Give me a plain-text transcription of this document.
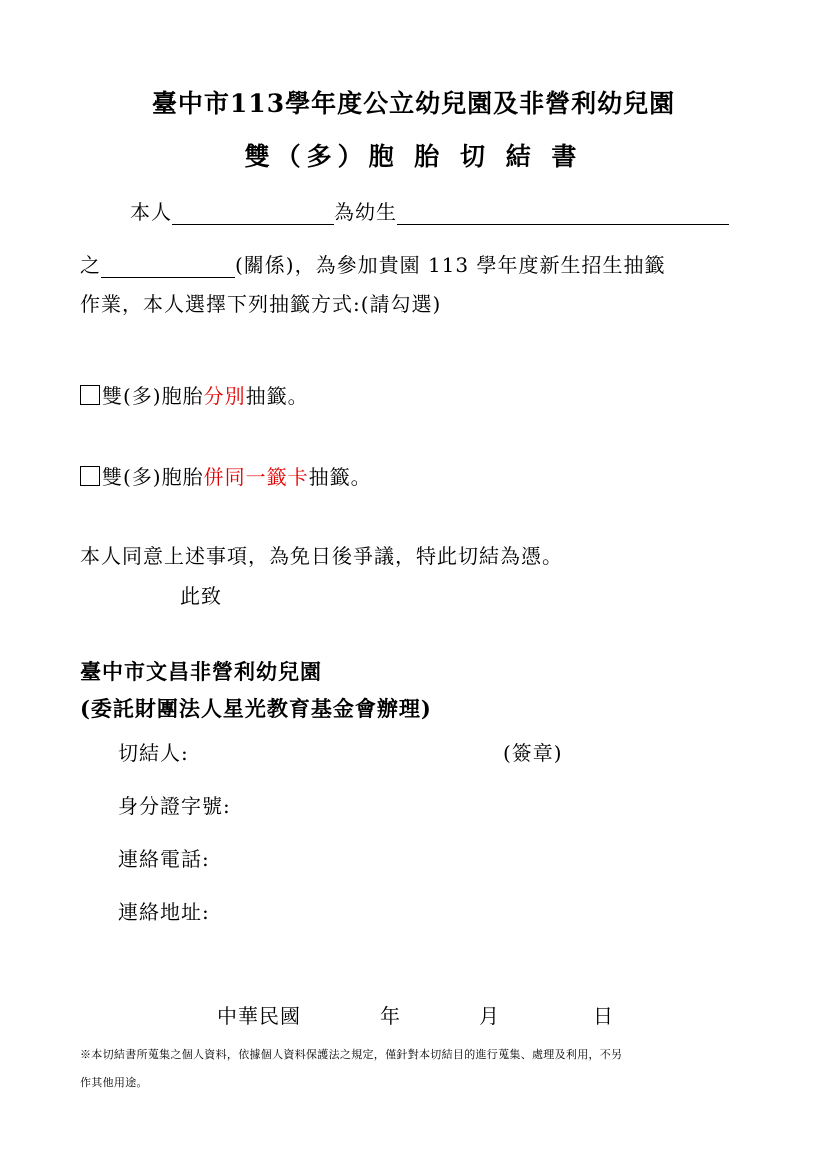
臺中市113學年度公立幼兒園及非營利幼兒園
雙（多）胞 胎 切 結 書
本人	為幼生
之	(關係)，為參加貴園 113 學年度新生招生抽籤
作業，本人選擇下列抽籤方式:(請勾選)
雙(多)胞胎分別抽籤。
雙(多)胞胎併同一籤卡抽籤。
本人同意上述事項，為免日後爭議，特此切結為憑。
此致
臺中市文昌非營利幼兒園
(委託財團法人星光教育基金會辦理)
切結人:	(簽章)
身分證字號:
連絡電話:
連絡地址:
中華民國	年	月	日
※本切結書所蒐集之個人資料，依據個人資料保護法之規定，僅針對本切結目的進行蒐集、處理及利用，不另
作其他用途。
